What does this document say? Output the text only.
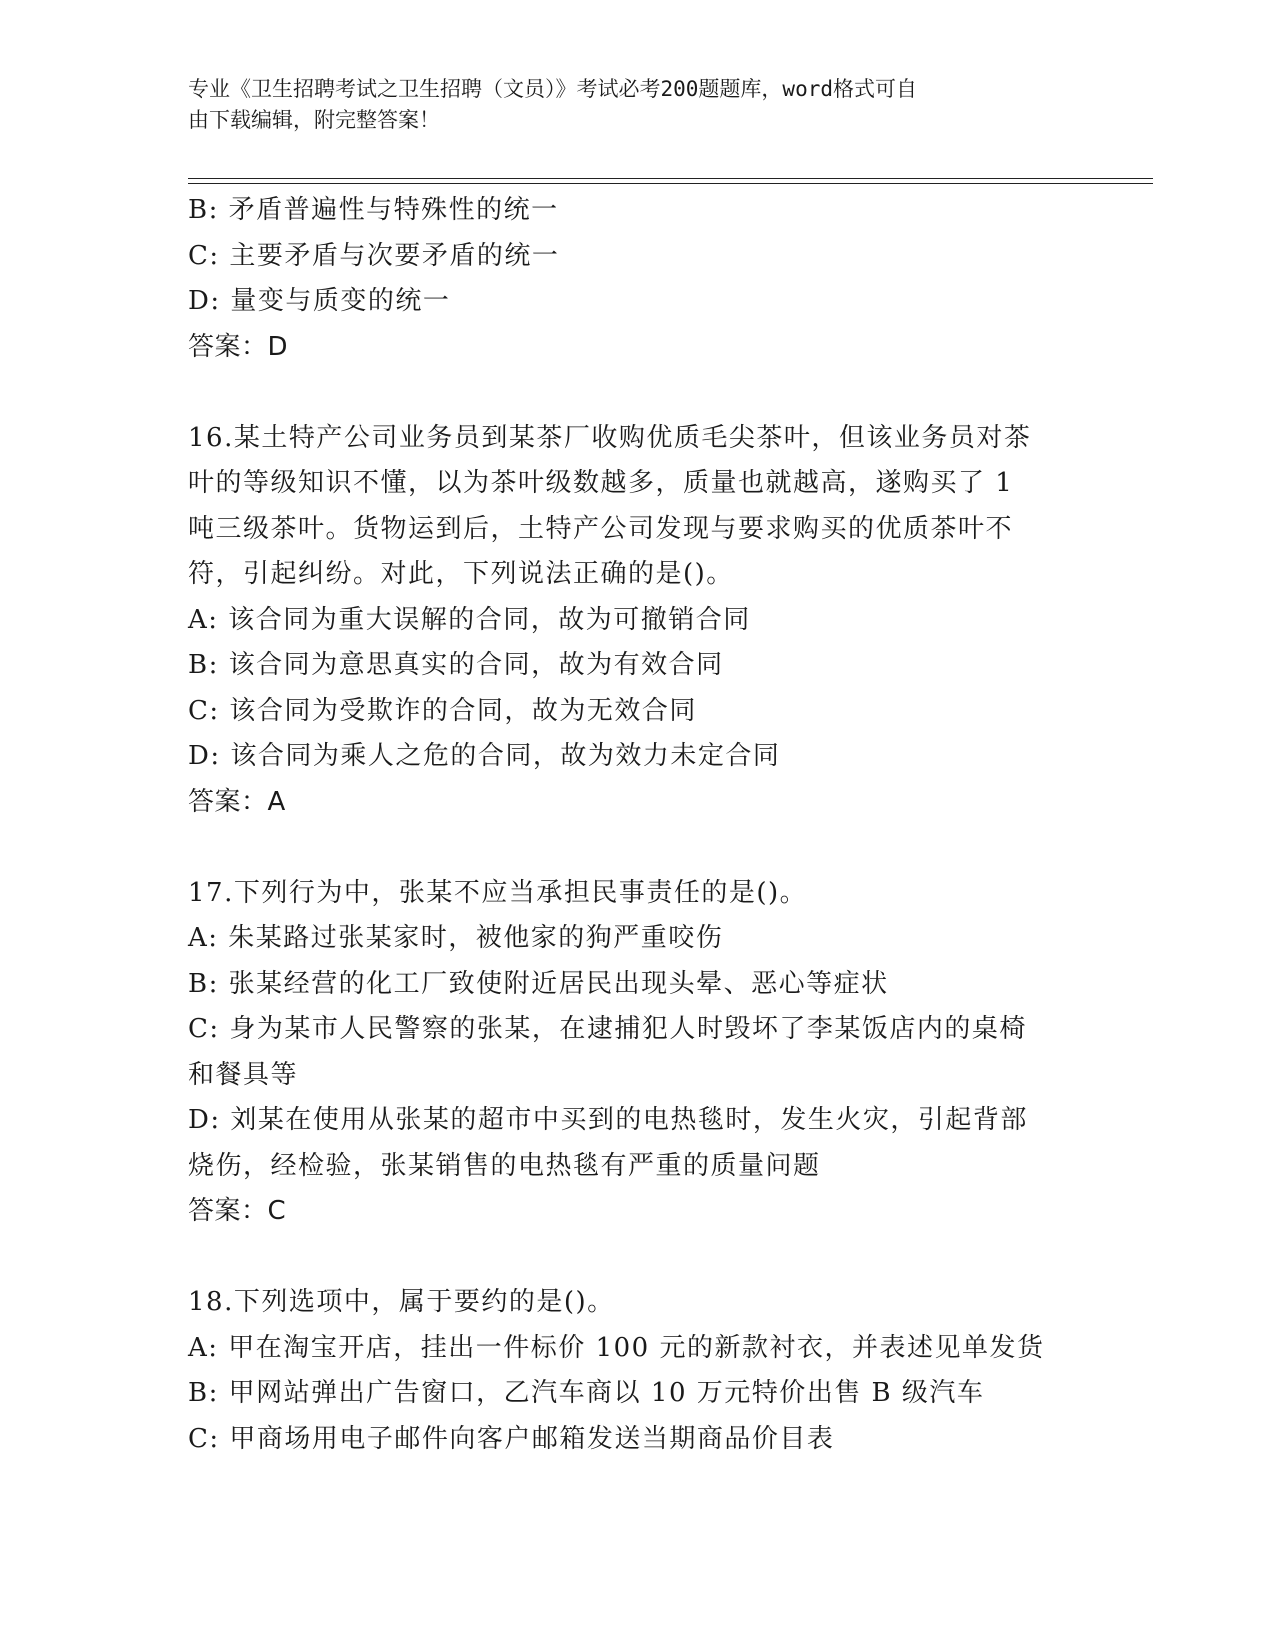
专业《卫生招聘考试之卫生招聘（文员）》考试必考200题题库，word格式可自
由下载编辑，附完整答案！
B: 矛盾普遍性与特殊性的统一
C: 主要矛盾与次要矛盾的统一
D: 量变与质变的统一
答案：D
16.某土特产公司业务员到某茶厂收购优质毛尖茶叶，但该业务员对茶
叶的等级知识不懂，以为茶叶级数越多，质量也就越高，遂购买了 1
吨三级茶叶。货物运到后，土特产公司发现与要求购买的优质茶叶不
符，引起纠纷。对此，下列说法正确的是()。
A: 该合同为重大误解的合同，故为可撤销合同
B: 该合同为意思真实的合同，故为有效合同
C: 该合同为受欺诈的合同，故为无效合同
D: 该合同为乘人之危的合同，故为效力未定合同
答案：A
17.下列行为中，张某不应当承担民事责任的是()。
A: 朱某路过张某家时，被他家的狗严重咬伤
B: 张某经营的化工厂致使附近居民出现头晕、恶心等症状
C: 身为某市人民警察的张某，在逮捕犯人时毁坏了李某饭店内的桌椅
和餐具等
D: 刘某在使用从张某的超市中买到的电热毯时，发生火灾，引起背部
烧伤，经检验，张某销售的电热毯有严重的质量问题
答案：C
18.下列选项中，属于要约的是()。
A: 甲在淘宝开店，挂出一件标价 100 元的新款衬衣，并表述见单发货
B: 甲网站弹出广告窗口，乙汽车商以 10 万元特价出售 B 级汽车
C: 甲商场用电子邮件向客户邮箱发送当期商品价目表
